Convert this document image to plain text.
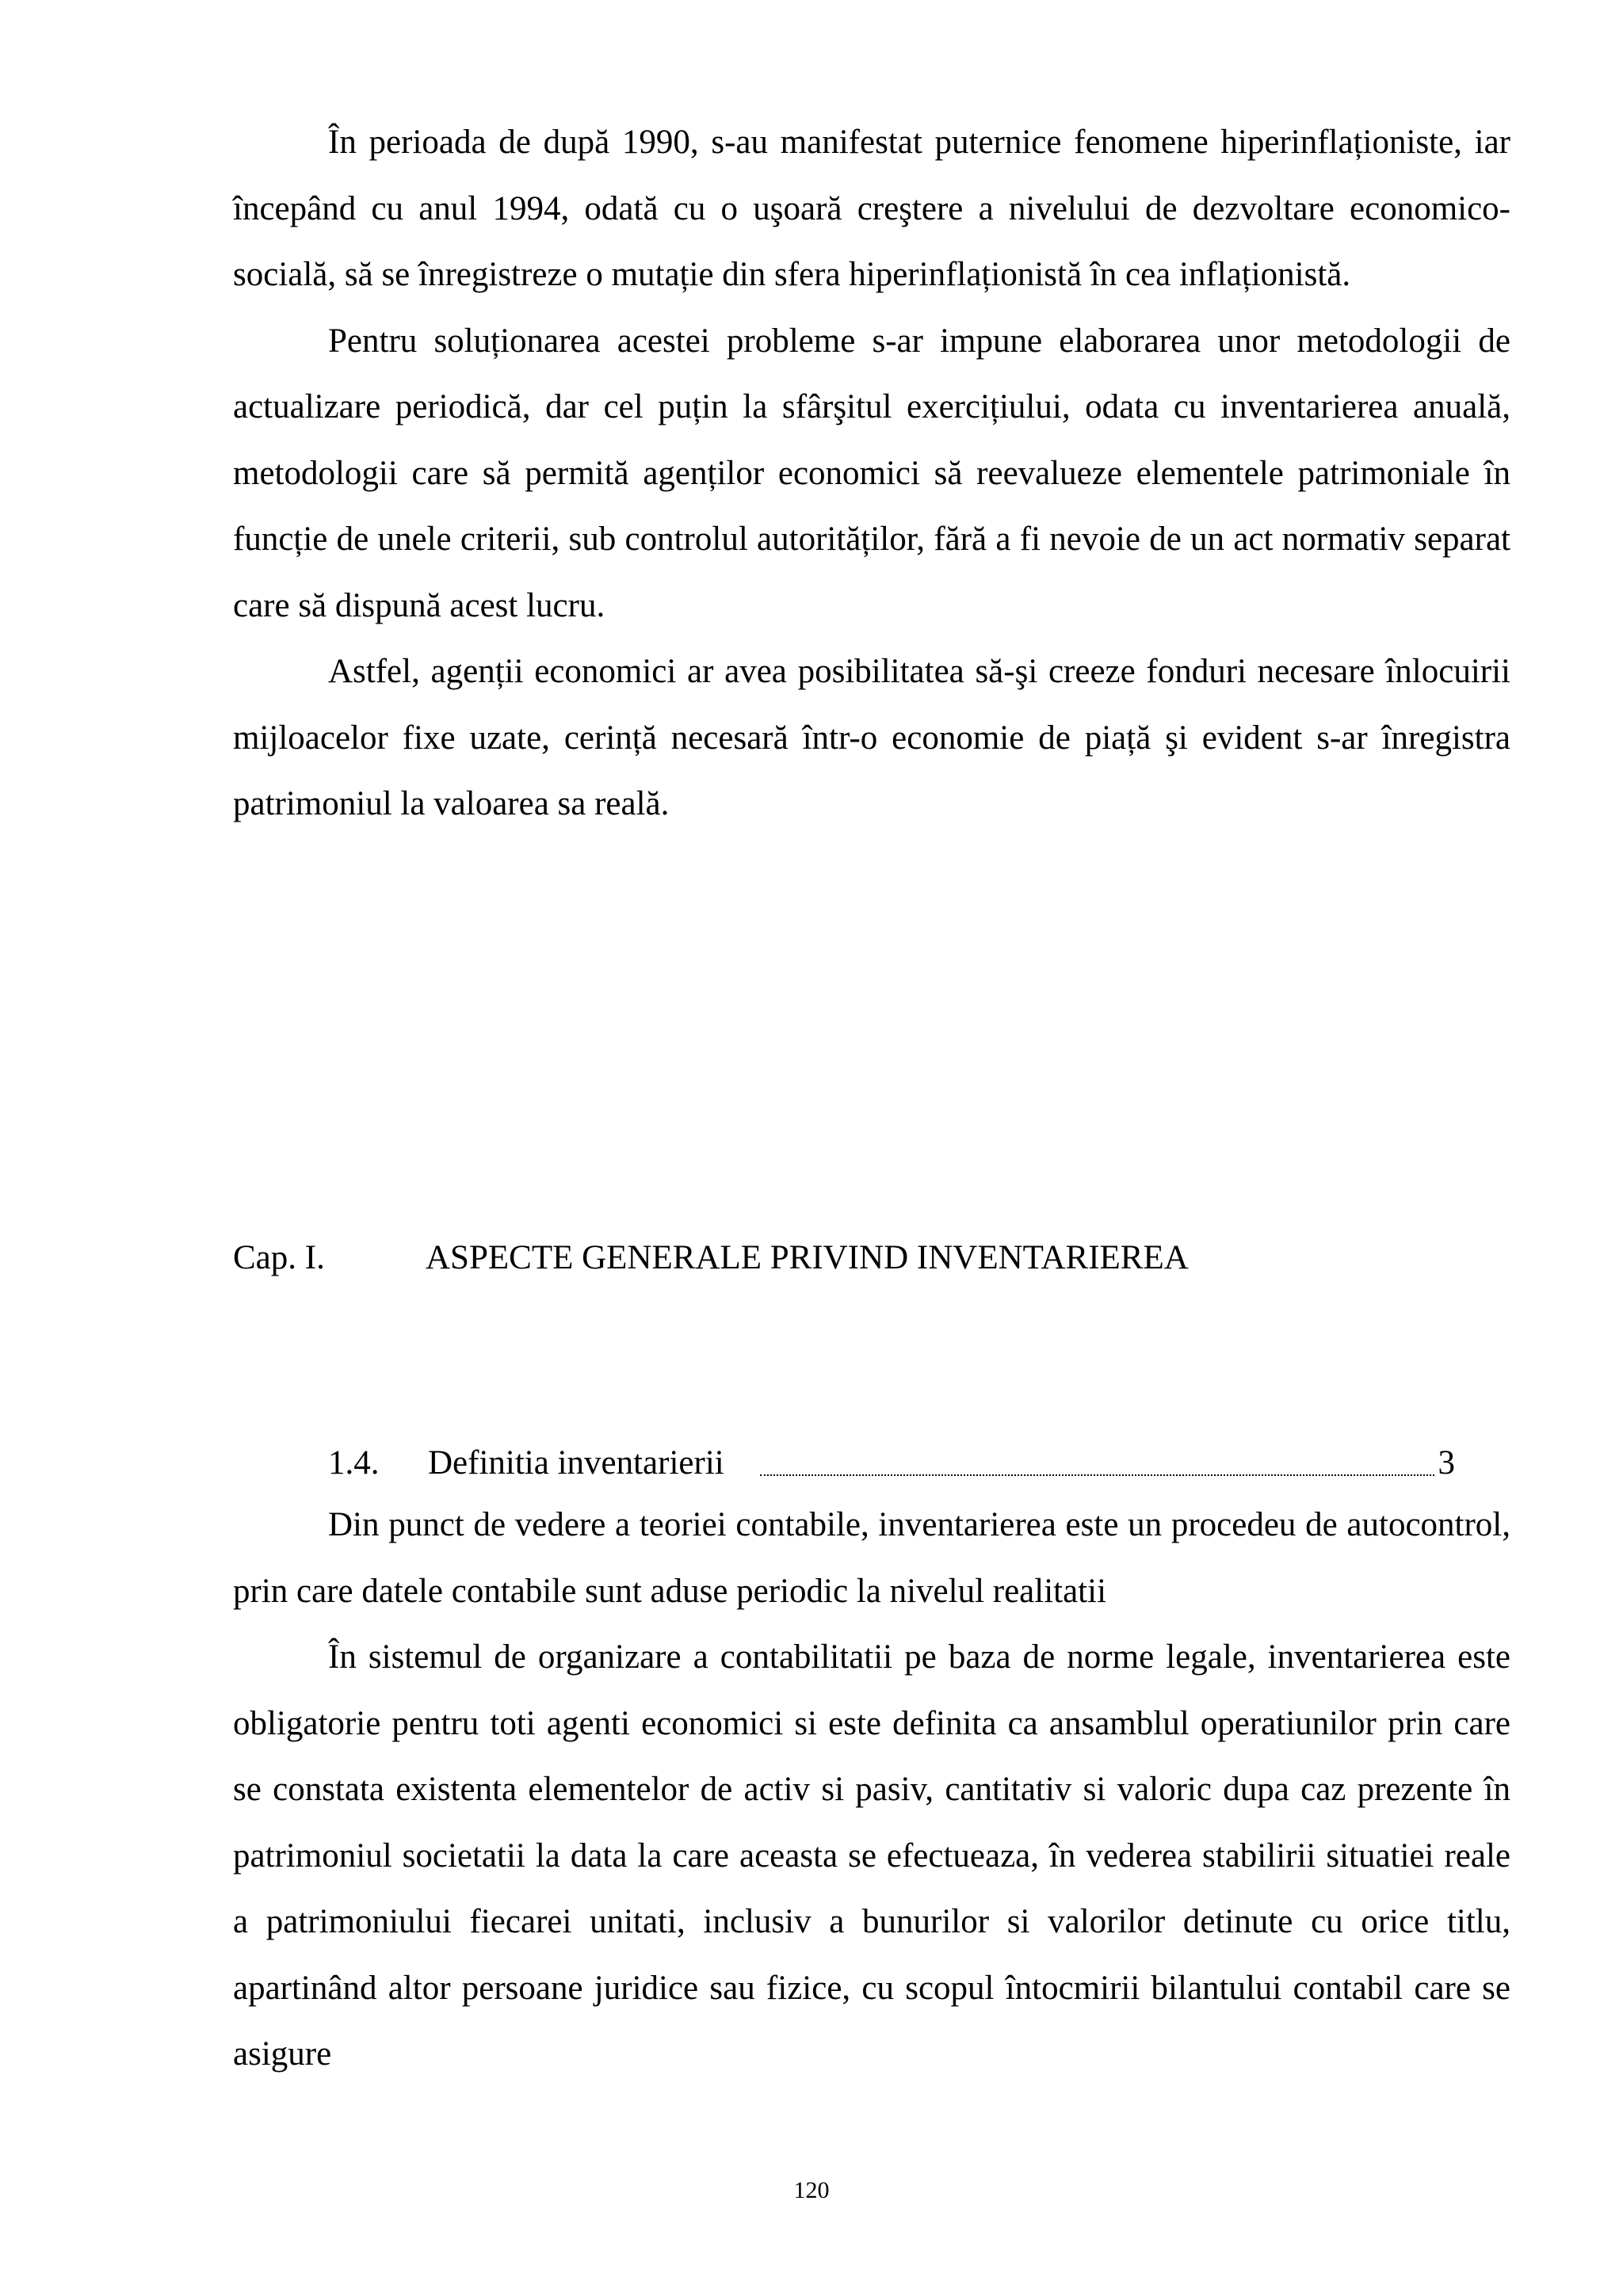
În perioada de după 1990, s-au manifestat puternice fenomene hiperinflaționiste, iar începând cu anul 1994, odată cu o uşoară creştere a nivelului de dezvoltare economico-socială, să se înregistreze o mutație din sfera hiperinflaționistă în cea inflaționistă.

Pentru soluționarea acestei probleme s-ar impune elaborarea unor metodologii de actualizare periodică, dar cel puțin la sfârşitul exercițiului, odata cu inventarierea anuală, metodologii care să permită agenților economici să reevalueze elementele patrimoniale în funcție de unele criterii, sub controlul autorităților, fără a fi nevoie de un act normativ separat care să dispună acest lucru.

Astfel, agenții economici ar avea posibilitatea să-şi creeze fonduri necesare înlocuirii mijloacelor fixe uzate, cerință necesară într-o economie de piață şi evident s-ar înregistra patrimoniul la valoarea sa reală.

Cap. I.	ASPECTE GENERALE PRIVIND INVENTARIEREA
1.4. Definitia inventarierii	3

Din punct de vedere a teoriei contabile, inventarierea este un procedeu de autocontrol, prin care datele contabile sunt aduse periodic la nivelul realitatii

În sistemul de organizare a contabilitatii pe baza de norme legale, inventarierea este obligatorie pentru toti agenti economici si este definita ca ansamblul operatiunilor prin care se constata existenta elementelor de activ si pasiv, cantitativ si valoric dupa caz prezente în patrimoniul societatii la data la care aceasta se efectueaza, în vederea stabilirii situatiei reale a patrimoniului fiecarei unitati, inclusiv a bunurilor si valorilor detinute cu orice titlu, apartinând altor persoane juridice sau fizice, cu scopul întocmirii bilantului contabil care se asigure

120
